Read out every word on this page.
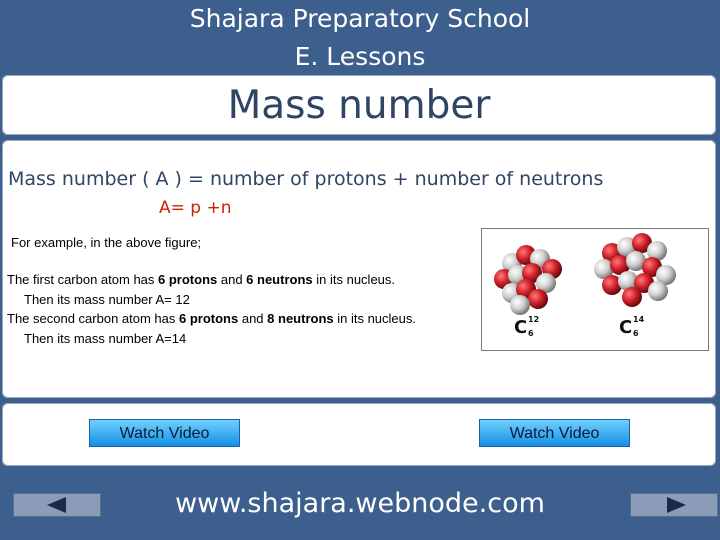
Shajara Preparatory School
E. Lessons
Mass number
Mass number ( A ) = number of protons + number of neutrons
A= p +n
For example, in the above figure;
The first carbon atom has 6 protons and 6 neutrons in its nucleus.
Then its mass number A= 12
The second carbon atom has 6 protons and 8 neutrons in its nucleus.
Then its mass number A=14	C 12
6	C 14
6
Watch Video	Watch Video
www.shajara.webnode.com
